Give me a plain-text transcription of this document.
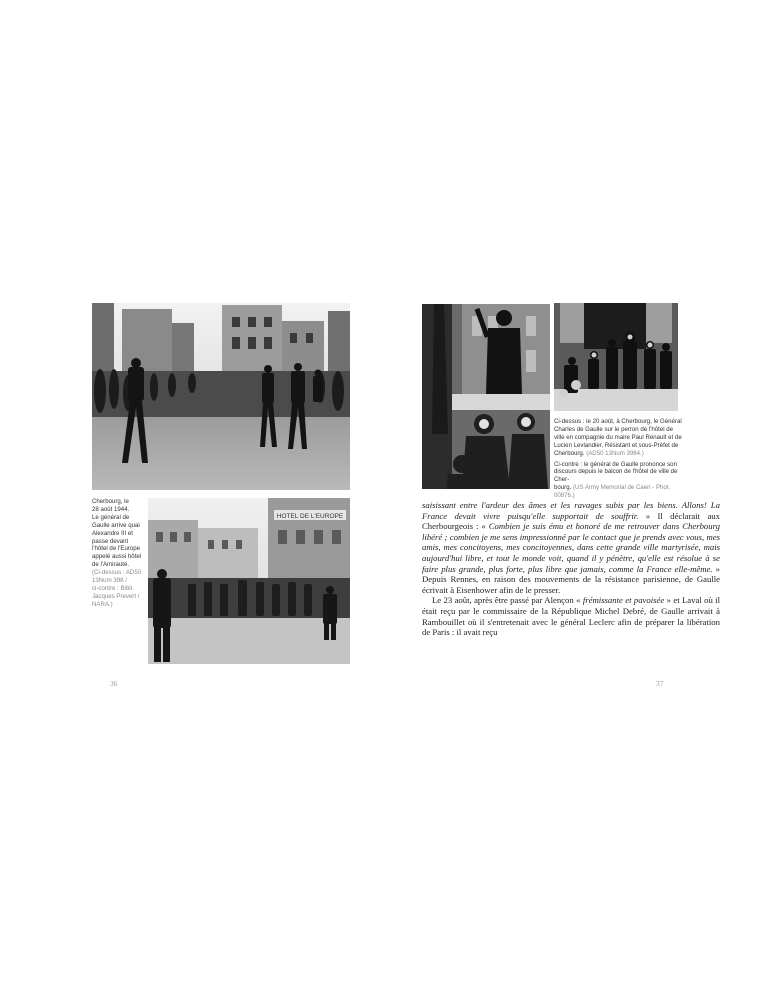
Cherbourg, le
28 août 1944.
Le général de
Gaulle arrive quai
Alexandre III et
passe devant
l'hôtel de l'Europe
appelé aussi hôtel
de l'Amirauté.
(Ci-dessus : AD50
13Num 398 /
ci-contre : Bibli.
Jacques Prevert /
NARA.)
HOTEL DE L'EUROPE
36
Ci-dessus : le 20 août, à Cherbourg, le Général
Charles de Gaulle sur le perron de l'hôtel de
ville en compagnie du maire Paul Renault et de
Lucien Levlandier, Résistant et sous-Préfet de
Cherbourg. (AD50 13Num 3984.)
Ci-contre : le général de Gaulle prononce son
discours depuis le balcon de l'hôtel de ville de Cher-
bourg. (US Army Memorial de Caen - Phot. 00876.)

saisissant entre l'ardeur des âmes et les ravages subis par les biens. Allons! La France devait vivre puisqu'elle supportait de souffrir. » Il déclarait aux Cherbourgeois : « Combien je suis ému et honoré de me retrouver dans Cherbourg libéré ; combien je me sens impressionné par le contact que je prends avec vous, mes amis, mes concitoyens, mes concitoyennes, dans cette grande ville martyrisée, mais aujourd'hui libre, et tout le monde voit, quand il y pénètre, qu'elle est résolue à se faire plus grande, plus forte, plus libre que jamais, comme la France elle-même. » Depuis Rennes, en raison des mouvements de la résistance parisienne, de Gaulle écrivait à Eisenhower afin de le presser.

Le 23 août, après être passé par Alençon « frémissante et pavoisée » et Laval où il était reçu par le commissaire de la République Michel Debré, de Gaulle arrivait à Rambouillet où il s'entretenait avec le général Leclerc afin de préparer la libération de Paris : il avait reçu

37
